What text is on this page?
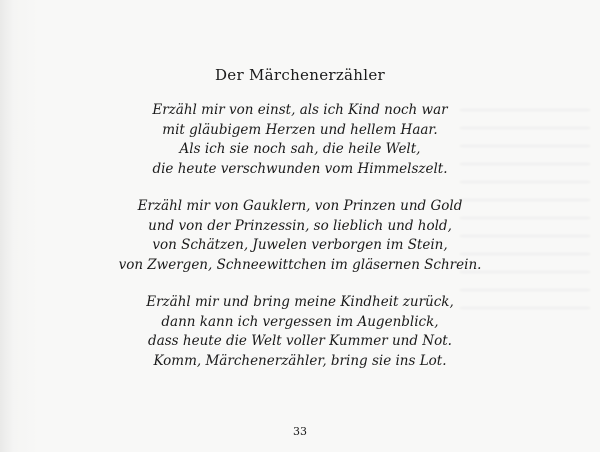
Der Märchenerzähler
Erzähl mir von einst, als ich Kind noch war
mit gläubigem Herzen und hellem Haar.
Als ich sie noch sah, die heile Welt,
die heute verschwunden vom Himmelszelt.
Erzähl mir von Gauklern, von Prinzen und Gold
und von der Prinzessin, so lieblich und hold,
von Schätzen, Juwelen verborgen im Stein,
von Zwergen, Schneewittchen im gläsernen Schrein.
Erzähl mir und bring meine Kindheit zurück,
dann kann ich vergessen im Augenblick,
dass heute die Welt voller Kummer und Not.
Komm, Märchenerzähler, bring sie ins Lot.
33
